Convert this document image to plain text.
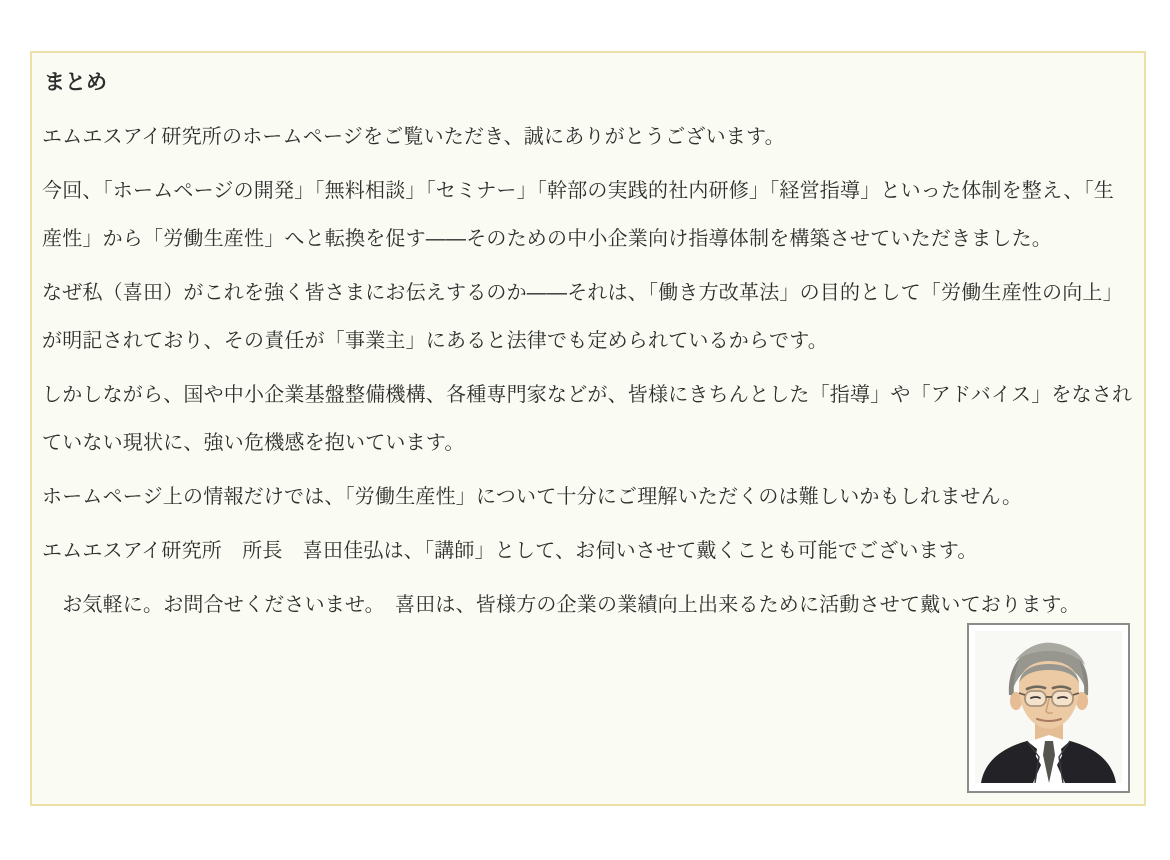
まとめ

エムエスアイ研究所のホームページをご覧いただき、誠にありがとうございます。

今回、「ホームページの開発」「無料相談」「セミナー」「幹部の実践的社内研修」「経営指導」といった体制を整え、「生産性」から「労働生産性」へと転換を促す――そのための中小企業向け指導体制を構築させていただきました。

なぜ私（喜田）がこれを強く皆さまにお伝えするのか――それは、「働き方改革法」の目的として「労働生産性の向上」が明記されており、その責任が「事業主」にあると法律でも定められているからです。

しかしながら、国や中小企業基盤整備機構、各種専門家などが、皆様にきちんとした「指導」や「アドバイス」をなされていない現状に、強い危機感を抱いています。

ホームページ上の情報だけでは、「労働生産性」について十分にご理解いただくのは難しいかもしれません。

エムエスアイ研究所　所長　喜田佳弘は、「講師」として、お伺いさせて戴くことも可能でございます。

　お気軽に。お問合せくださいませ。　喜田は、皆様方の企業の業績向上出来るために活動させて戴いております。
